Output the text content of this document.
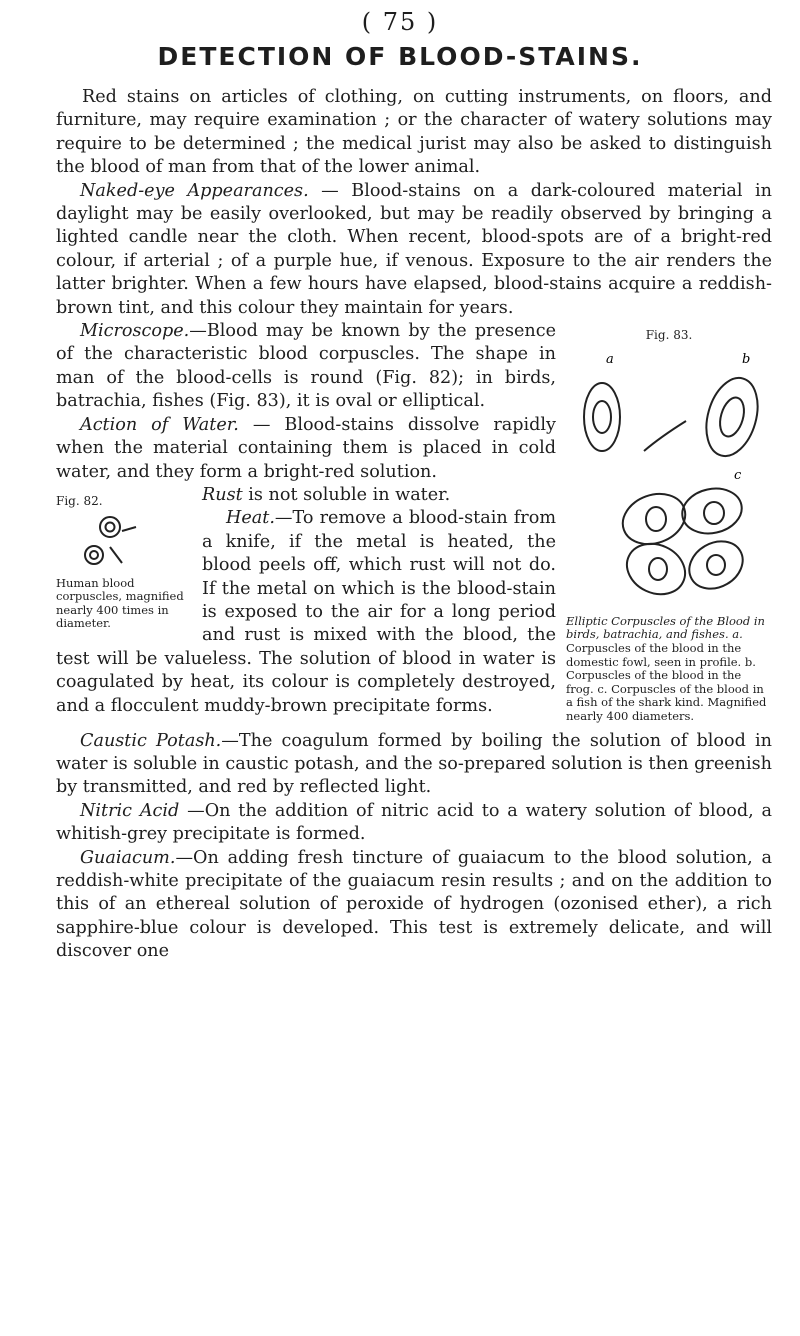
( 75 )
DETECTION OF BLOOD-STAINS.

Red stains on articles of clothing, on cutting instruments, on floors, and furniture, may require examination ; or the character of watery solutions may require to be determined ; the medical jurist may also be asked to distinguish the blood of man from that of the lower animal.

Naked-eye Appearances. — Blood-stains on a dark-coloured material in daylight may be easily overlooked, but may be readily observed by bringing a lighted candle near the cloth. When recent, blood-spots are of a bright-red colour, if arterial ; of a purple hue, if venous. Exposure to the air renders the latter brighter. When a few hours have elapsed, blood-stains acquire a reddish-brown tint, and this colour they maintain for years.

Fig. 83.
a	b
c
Elliptic Corpuscles of the Blood in birds, batrachia, and fishes. a. Corpuscles of the blood in the domestic fowl, seen in profile. b. Corpuscles of the blood in the frog. c. Corpuscles of the blood in a fish of the shark kind. Magnified nearly 400 diameters.

Microscope.—Blood may be known by the presence of the characteristic blood corpuscles. The shape in man of the blood-cells is round (Fig. 82); in birds, batrachia, fishes (Fig. 83), it is oval or elliptical.

Action of Water. — Blood-stains dissolve rapidly when the material containing them is placed in cold water, and they form a bright-red solution.

Fig. 82.
Human blood corpuscles, magnified nearly 400 times in diameter.

Rust is not soluble in water.

Heat.—To remove a blood-stain from a knife, if the metal is heated, the blood peels off, which rust will not do. If the metal on which is the blood-stain is exposed to the air for a long period and rust is mixed with the blood, the test will be valueless. The solution of blood in water is coagulated by heat, its colour is completely destroyed, and a flocculent muddy-brown precipitate forms.

Caustic Potash.—The coagulum formed by boiling the solution of blood in water is soluble in caustic potash, and the so-prepared solution is then greenish by transmitted, and red by reflected light.

Nitric Acid —On the addition of nitric acid to a watery solution of blood, a whitish-grey precipitate is formed.

Guaiacum.—On adding fresh tincture of guaiacum to the blood solution, a reddish-white precipitate of the guaiacum resin results ; and on the addition to this of an ethereal solution of peroxide of hydrogen (ozonised ether), a rich sapphire-blue colour is developed. This test is extremely delicate, and will discover one
